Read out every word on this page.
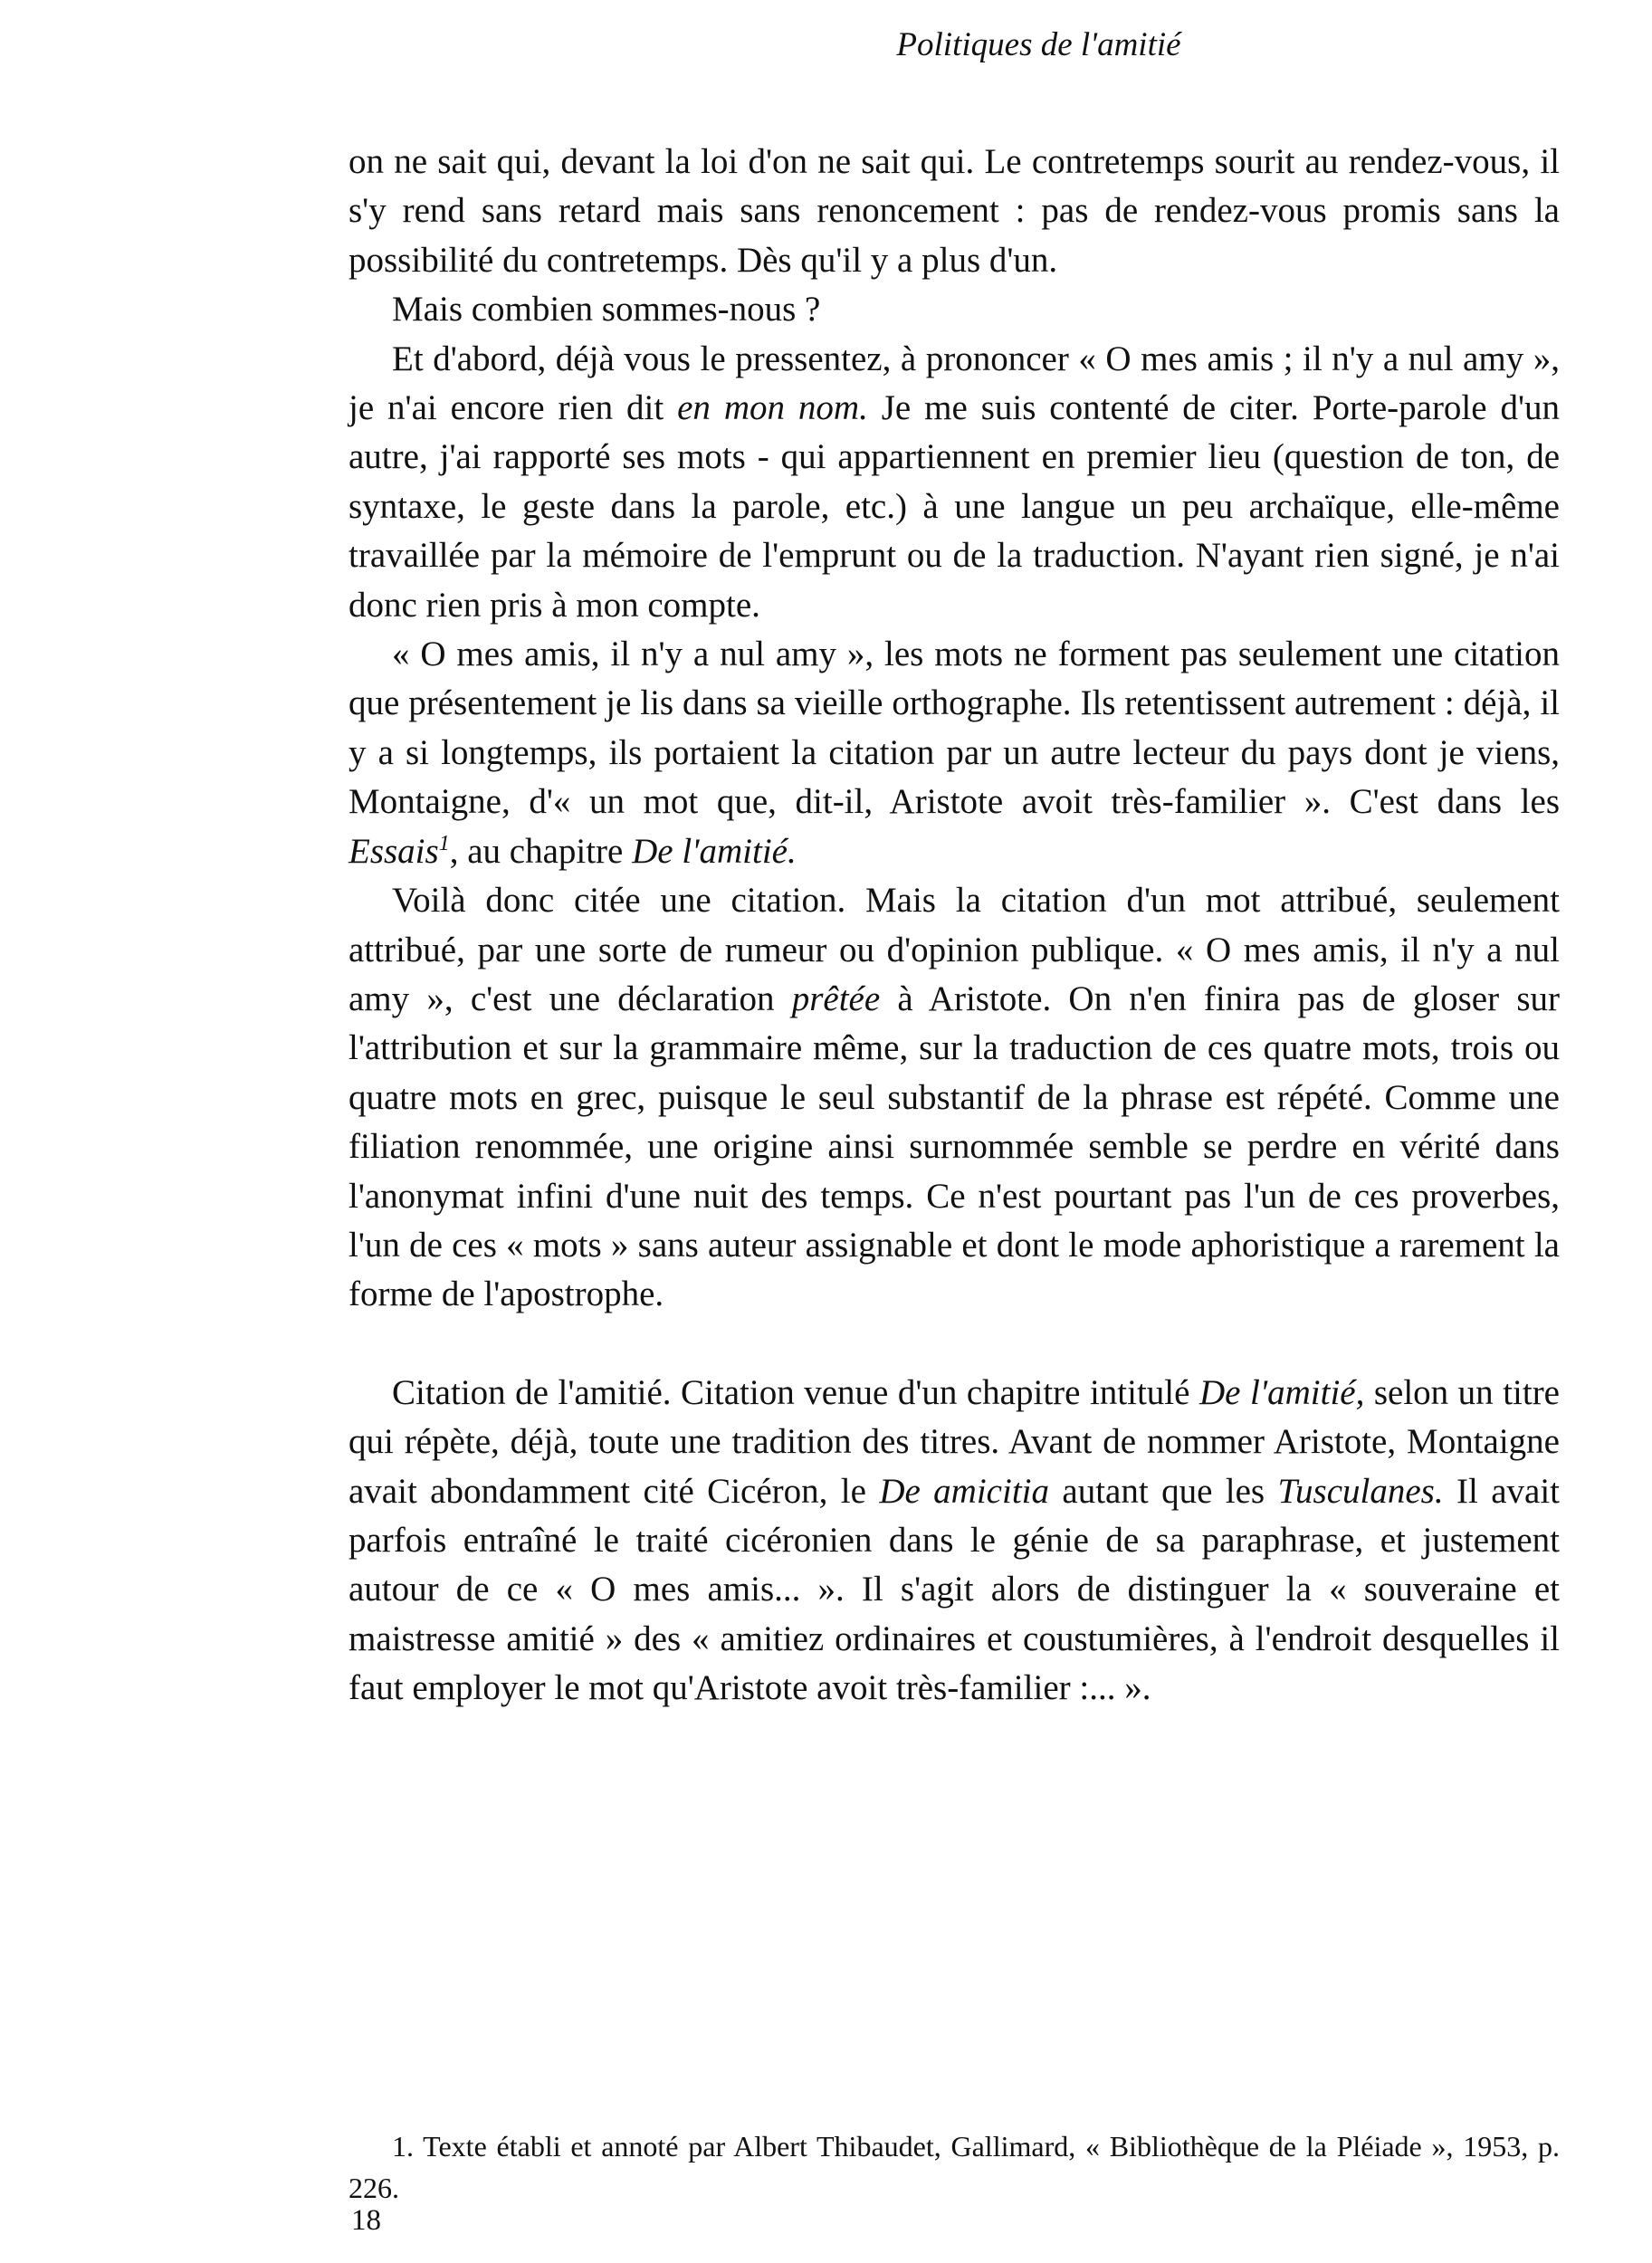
Politiques de l'amitié

on ne sait qui, devant la loi d'on ne sait qui. Le contretemps sourit au rendez-vous, il s'y rend sans retard mais sans renoncement : pas de rendez-vous promis sans la possibilité du contretemps. Dès qu'il y a plus d'un.

Mais combien sommes-nous ?

Et d'abord, déjà vous le pressentez, à prononcer « O mes amis ; il n'y a nul amy », je n'ai encore rien dit en mon nom. Je me suis contenté de citer. Porte-parole d'un autre, j'ai rapporté ses mots - qui appartiennent en premier lieu (question de ton, de syntaxe, le geste dans la parole, etc.) à une langue un peu archaïque, elle-même travaillée par la mémoire de l'emprunt ou de la traduction. N'ayant rien signé, je n'ai donc rien pris à mon compte.

« O mes amis, il n'y a nul amy », les mots ne forment pas seulement une citation que présentement je lis dans sa vieille orthographe. Ils retentissent autrement : déjà, il y a si longtemps, ils portaient la citation par un autre lecteur du pays dont je viens, Montaigne, d'« un mot que, dit-il, Aristote avoit très-familier ». C'est dans les Essais$^1$, au chapitre De l'amitié.

Voilà donc citée une citation. Mais la citation d'un mot attribué, seulement attribué, par une sorte de rumeur ou d'opinion publique. « O mes amis, il n'y a nul amy », c'est une déclaration prêtée à Aristote. On n'en finira pas de gloser sur l'attribution et sur la grammaire même, sur la traduction de ces quatre mots, trois ou quatre mots en grec, puisque le seul substantif de la phrase est répété. Comme une filiation renommée, une origine ainsi surnommée semble se perdre en vérité dans l'anonymat infini d'une nuit des temps. Ce n'est pourtant pas l'un de ces proverbes, l'un de ces « mots » sans auteur assignable et dont le mode aphoristique a rarement la forme de l'apostrophe.

Citation de l'amitié. Citation venue d'un chapitre intitulé De l'amitié, selon un titre qui répète, déjà, toute une tradition des titres. Avant de nommer Aristote, Montaigne avait abondamment cité Cicéron, le De amicitia autant que les Tusculanes. Il avait parfois entraîné le traité cicéronien dans le génie de sa paraphrase, et justement autour de ce « O mes amis... ». Il s'agit alors de distinguer la « souveraine et maistresse amitié » des « amitiez ordinaires et coustumières, à l'endroit desquelles il faut employer le mot qu'Aristote avoit très-familier :... ».

1. Texte établi et annoté par Albert Thibaudet, Gallimard, « Bibliothèque de la Pléiade », 1953, p. 226.
18
